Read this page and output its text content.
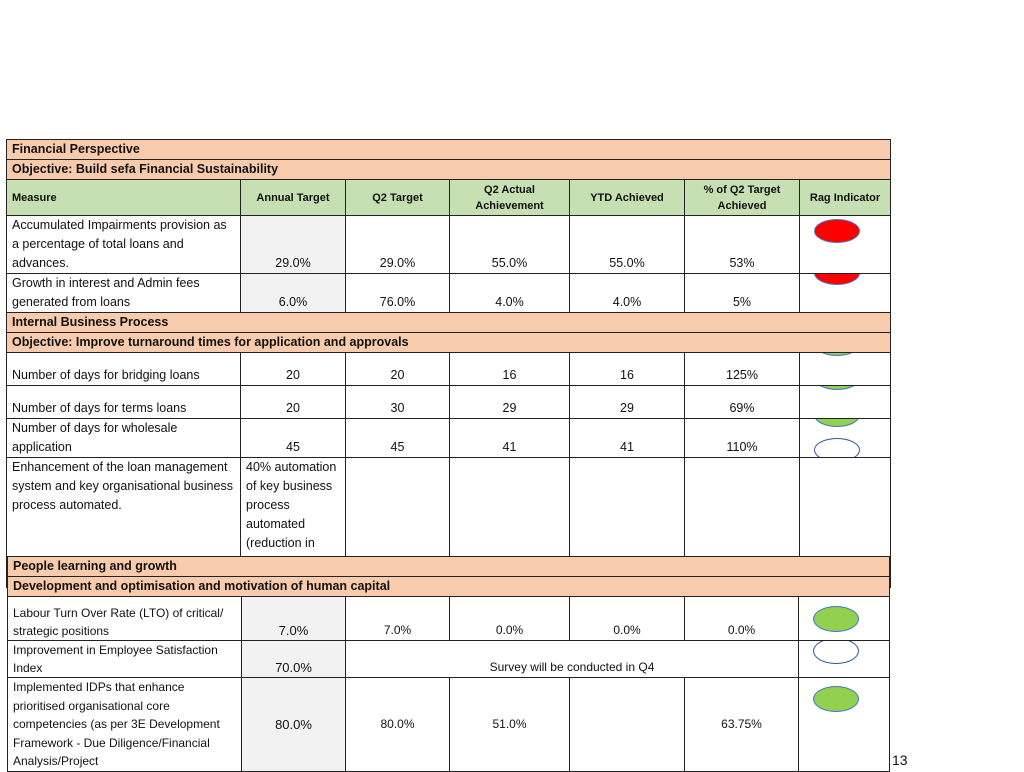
Financial Perspective						
Objective: Build sefa Financial Sustainability						
Measure	Annual Target	Q2 Target	Q2 Actual Achievement	YTD Achieved	% of Q2 Target Achieved	Rag Indicator
Accumulated Impairments provision as a percentage of total loans and advances.	29.0%	29.0%	55.0%	55.0%	53%	

Growth in interest and Admin fees generated from loans	6.0%	76.0%	4.0%	4.0%	5%	

Internal Business Process						
Objective: Improve turnaround times for application and approvals						
Number of days for bridging loans	20	20	16	16	125%	

Number of days for terms loans	20	30	29	29	69%	

Number of days for wholesale application	45	45	41	41	110%	

Enhancement of the loan management system and key organisational business process automated.	40% automation of key business process automated (reduction in					
People learning and growth						
Development and optimisation and motivation of human capital						
Labour Turn Over Rate (LTO) of critical/ strategic positions	7.0%	7.0%	0.0%	0.0%	0.0%	

Improvement in Employee Satisfaction Index	70.0%	Survey will be conducted in Q4				

Implemented IDPs that enhance prioritised organisational core competencies (as per 3E Development Framework - Due Diligence/Financial Analysis/Project	80.0%	80.0%	51.0%		63.75%	
13
